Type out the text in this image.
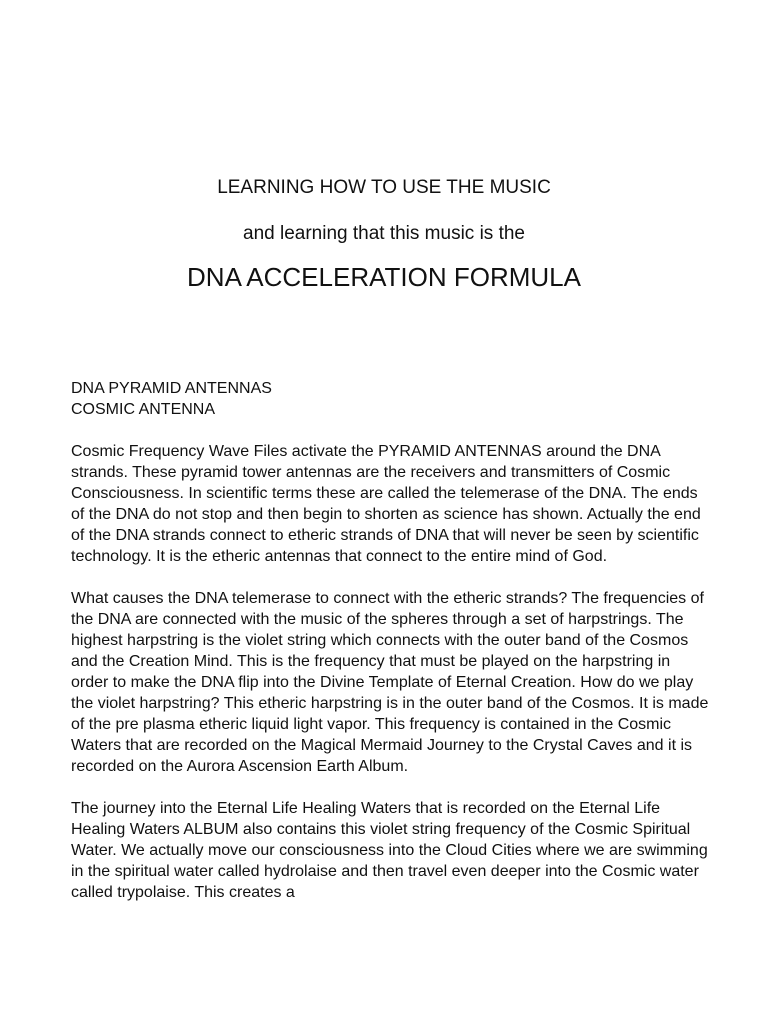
LEARNING HOW TO USE THE MUSIC

and learning that this music is the

DNA ACCELERATION FORMULA

DNA PYRAMID ANTENNAS
COSMIC ANTENNA

Cosmic Frequency Wave Files activate the PYRAMID ANTENNAS around the DNA strands. These pyramid tower antennas are the receivers and transmitters of Cosmic Consciousness. In scientific terms these are called the telemerase of the DNA. The ends of the DNA do not stop and then begin to shorten as science has shown. Actually the end of the DNA strands connect to etheric strands of DNA that will never be seen by scientific technology. It is the etheric antennas that connect to the entire mind of God.

What causes the DNA telemerase to connect with the etheric strands? The frequencies of the DNA are connected with the music of the spheres through a set of harpstrings. The highest harpstring is the violet string which connects with the outer band of the Cosmos and the Creation Mind. This is the frequency that must be played on the harpstring in order to make the DNA flip into the Divine Template of Eternal Creation. How do we play the violet harpstring? This etheric harpstring is in the outer band of the Cosmos. It is made of the pre plasma etheric liquid light vapor. This frequency is contained in the Cosmic Waters that are recorded on the Magical Mermaid Journey to the Crystal Caves and it is recorded on the Aurora Ascension Earth Album.

The journey into the Eternal Life Healing Waters that is recorded on the Eternal Life Healing Waters ALBUM also contains this violet string frequency of the Cosmic Spiritual Water. We actually move our consciousness into the Cloud Cities where we are swimming in the spiritual water called hydrolaise and then travel even deeper into the Cosmic water called trypolaise. This creates a
